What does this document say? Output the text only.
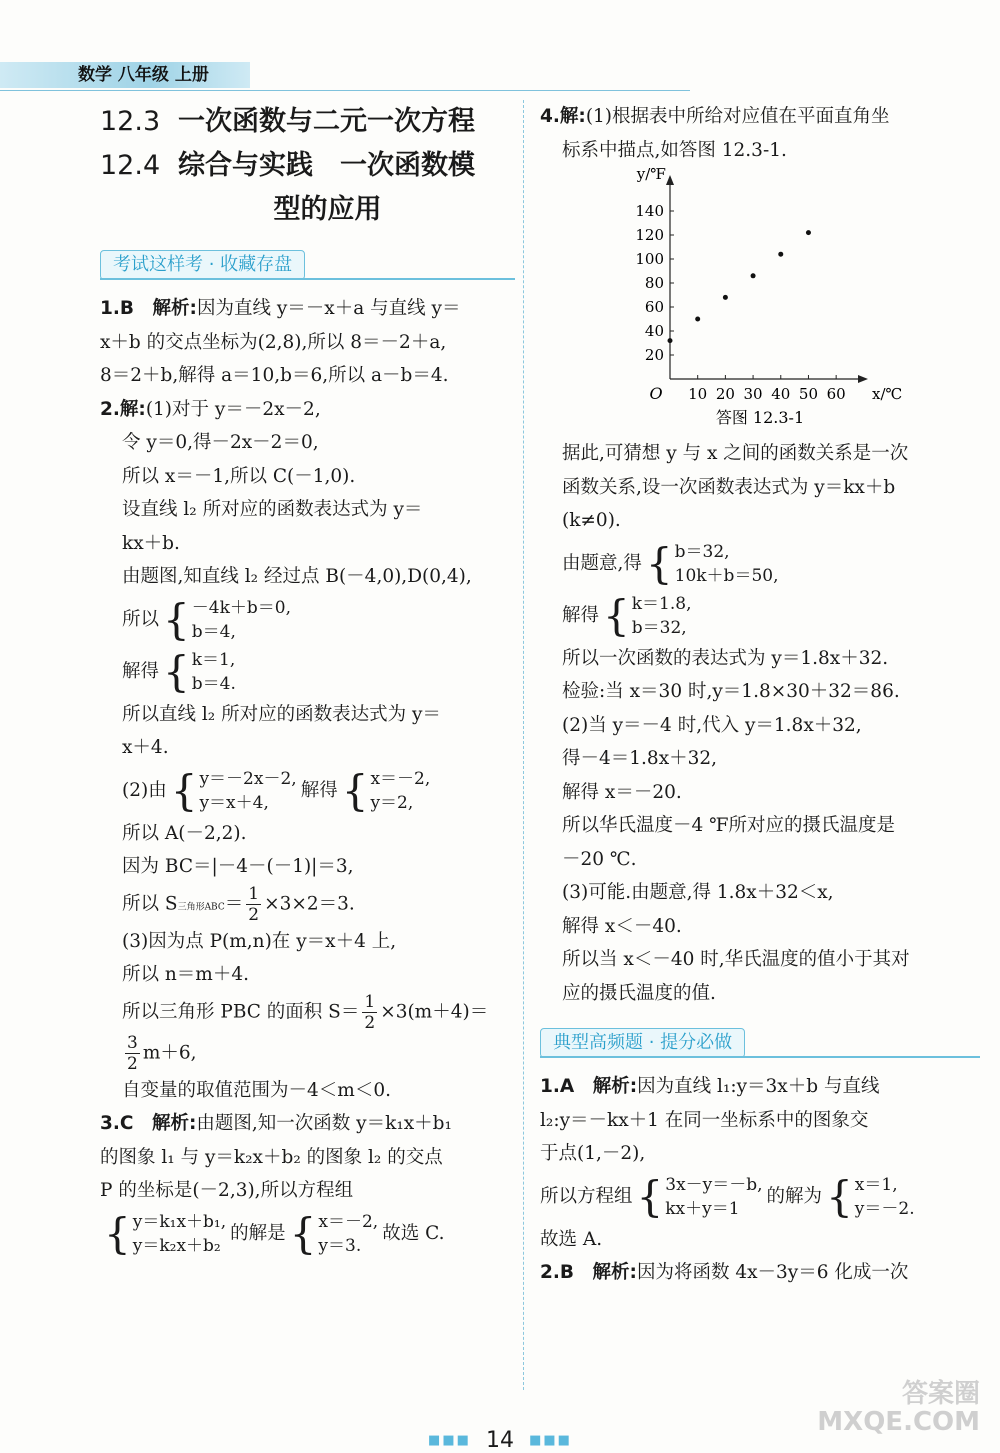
数学 八年级 上册
12.3 一次函数与二元一次方程
12.4 综合与实践　一次函数模
型的应用
考试这样考 · 收藏存盘

1.B　 解析:因为直线 y＝－x＋a 与直线 y＝

x＋b 的交点坐标为(2,8),所以 8＝－2＋a,

8＝2＋b,解得 a＝10,b＝6,所以 a－b＝4.

2.解:(1)对于 y＝－2x－2,

令 y＝0,得－2x－2＝0,

所以 x＝－1,所以 C(－1,0).

设直线 l₂ 所对应的函数表达式为 y＝

kx＋b.

由题图,知直线 l₂ 经过点 B(－4,0),D(0,4),

所以 { －4k＋b＝0,
b＝4,

解得 { k＝1,
b＝4.

所以直线 l₂ 所对应的函数表达式为 y＝

x＋4.

(2)由 { y＝－2x－2,
y＝x＋4,
解得 { x＝－2,
y＝2,

所以 A(－2,2).

因为 BC＝|－4－(－1)|＝3,

所以 S三角形$ABC= \frac{1}{2} \times 3\times 2=3$.

(3)因为点 P(m,n)在 y＝x＋4 上,

所以 n＝m＋4.

所以三角形 PBC 的面积 $S= \frac{1}{2} \times 3(m+4)=$

$\frac{3}{2} m+6$,

自变量的取值范围为－4＜m＜0.

3.C　 解析:由题图,知一次函数 y＝k₁x＋b₁

的图象 l₁ 与 y＝k₂x＋b₂ 的图象 l₂ 的交点

P 的坐标是(－2,3),所以方程组

{ y＝k₁x＋b₁,
y＝k₂x＋b₂
的解是 { x＝－2,
y＝3.
故选 C.

4.解:(1)根据表中所给对应值在平面直角坐

标系中描点,如答图 12.3-1.

10 20 30 40 50 60
20
40
60
80
100
120
140
O
y/℉
x/℃
答图 12.3-1

据此,可猜想 y 与 x 之间的函数关系是一次

函数关系,设一次函数表达式为 y＝kx＋b

(k≠0).

由题意,得 { b＝32,
10k＋b＝50,

解得 { k＝1.8,
b＝32,

所以一次函数的表达式为 y＝1.8x＋32.

检验:当 x＝30 时,y＝1.8×30＋32＝86.

(2)当 y＝－4 时,代入 y＝1.8x＋32,

得－4＝1.8x＋32,

解得 x＝－20.

所以华氏温度－4 ℉所对应的摄氏温度是

－20 ℃.

(3)可能.由题意,得 1.8x＋32＜x,

解得 x＜－40.

所以当 x＜－40 时,华氏温度的值小于其对

应的摄氏温度的值.

典型高频题 · 提分必做

1.A　 解析:因为直线 l₁:y＝3x＋b 与直线

l₂:y＝－kx＋1 在同一坐标系中的图象交

于点(1,－2),

所以方程组 { 3x－y＝－b,
kx＋y＝1
的解为 { x＝1,
y＝－2.

故选 A.

2.B　 解析:因为将函数 4x－3y＝6 化成一次

■■■ 14 ■■■
答案圈
MXQE.COM
